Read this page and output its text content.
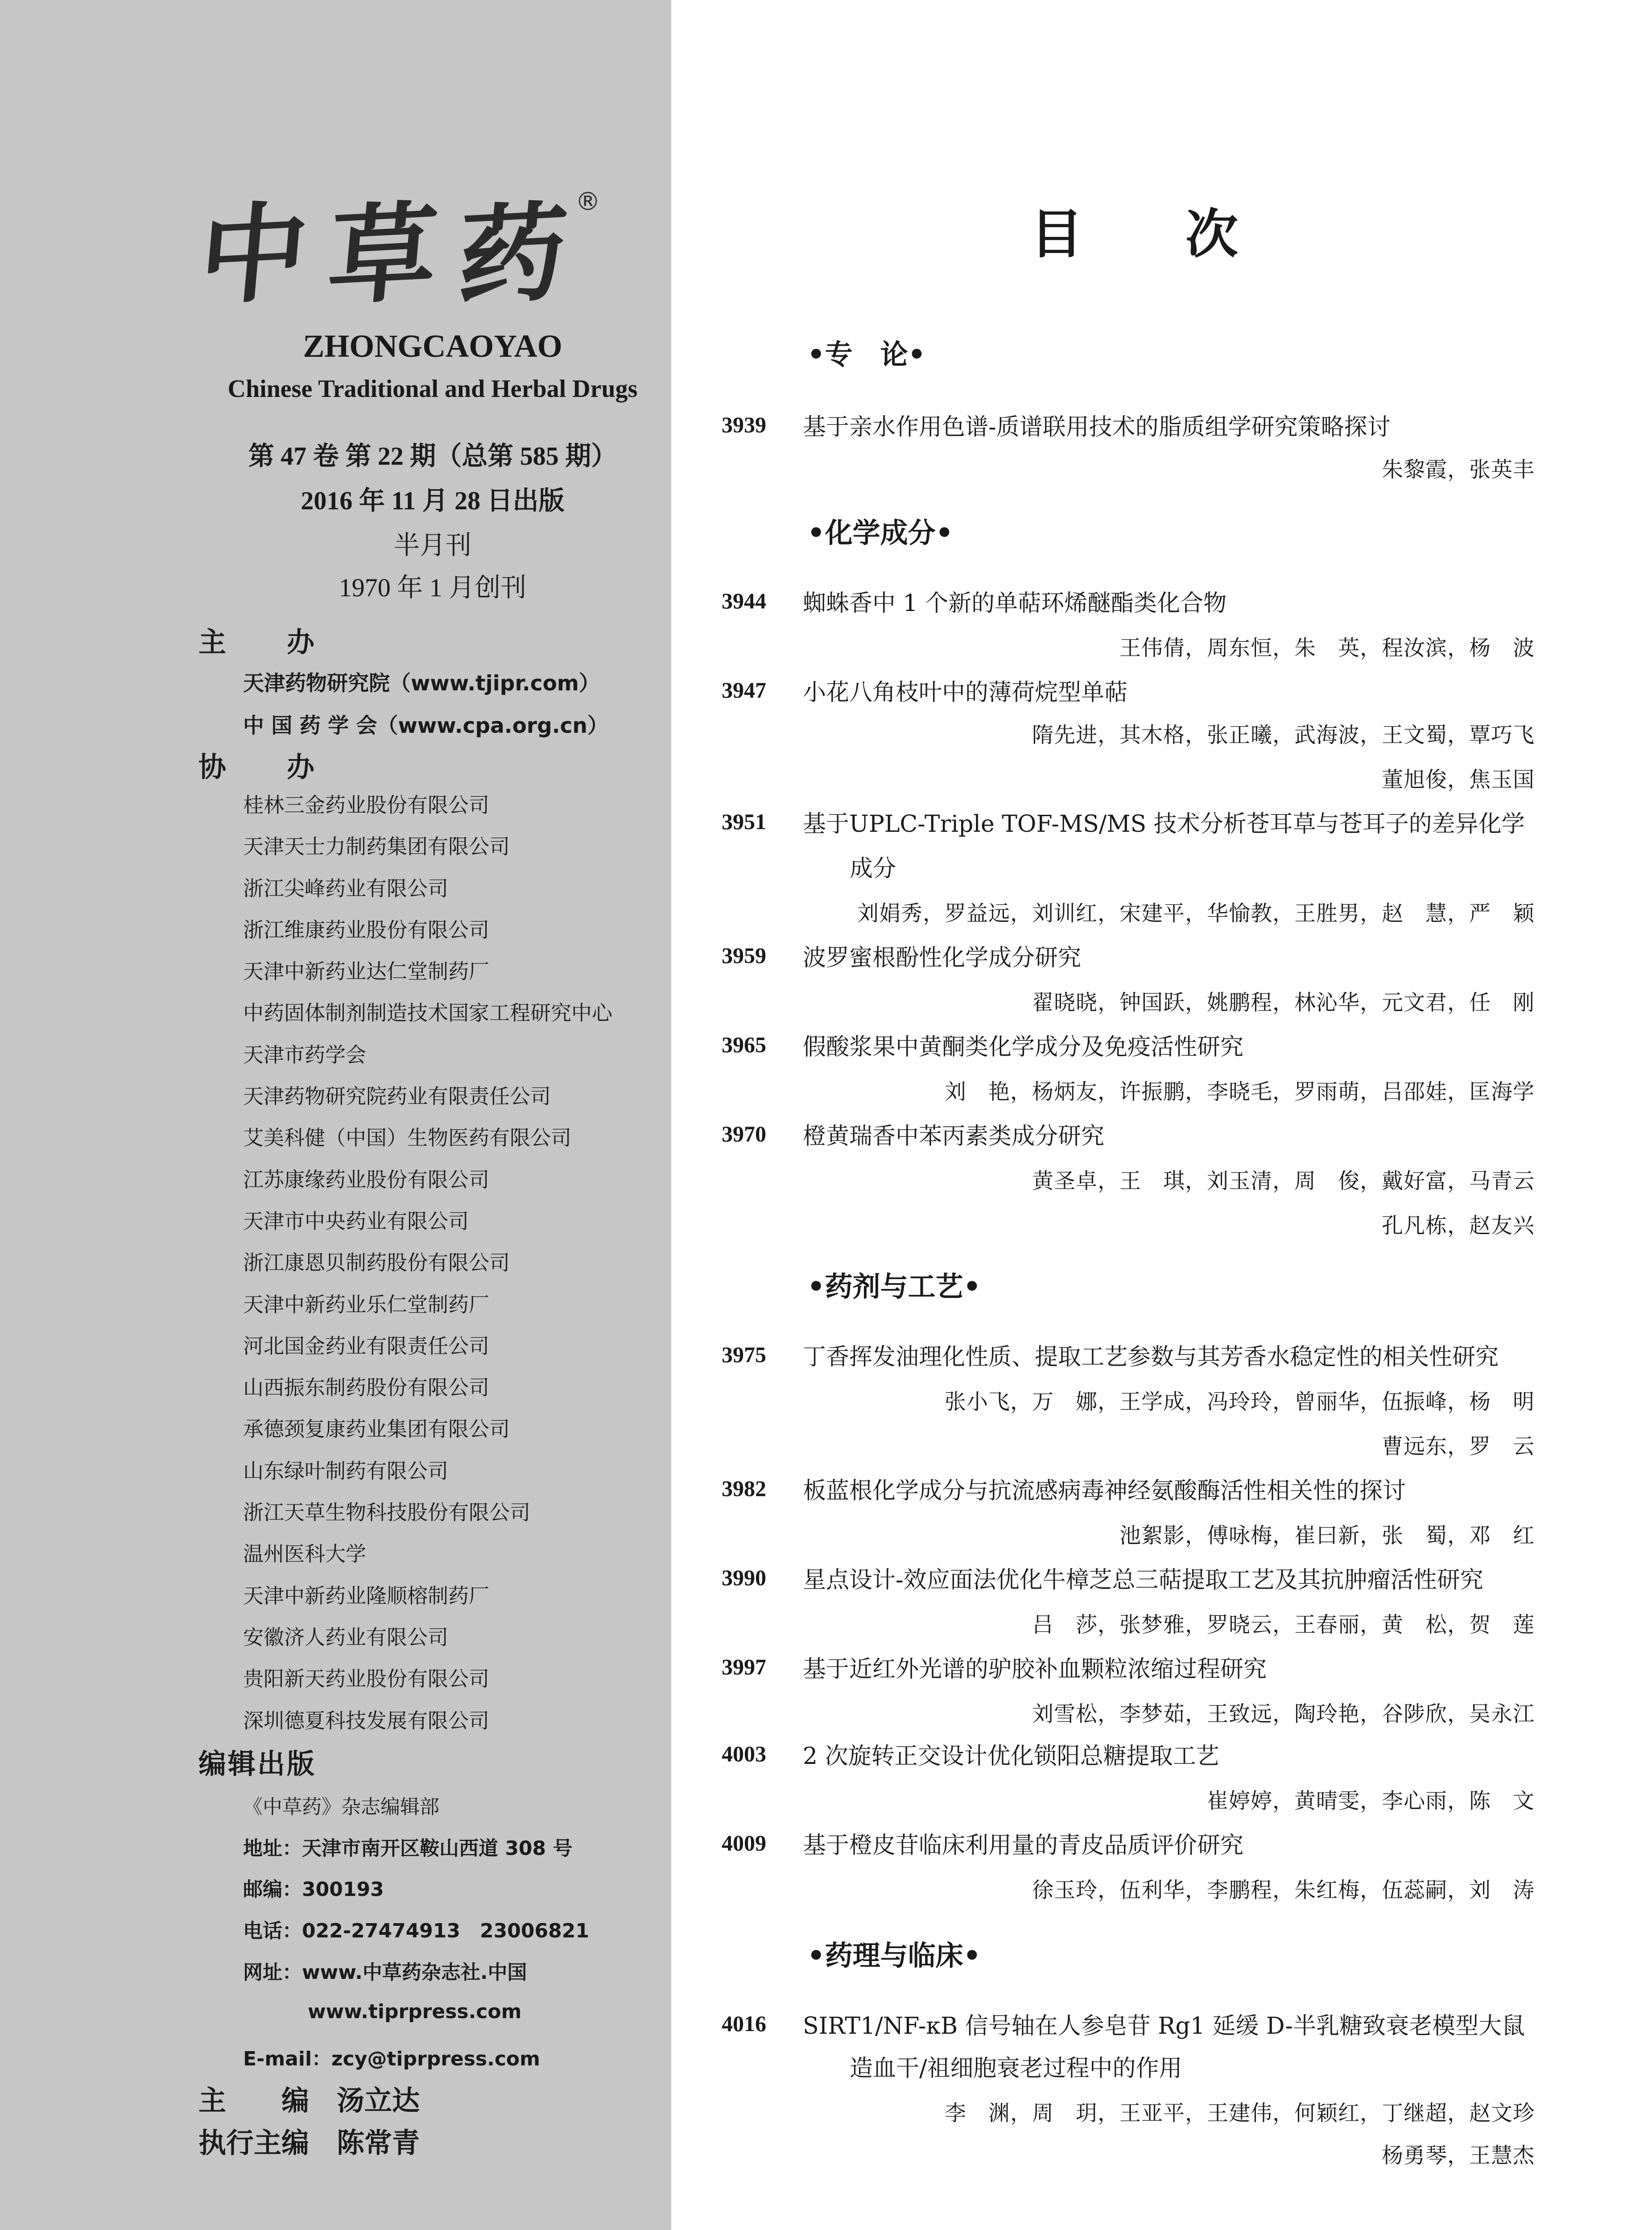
中 草 药
®
ZHONGCAOYAO
Chinese Traditional and Herbal Drugs
第 47 卷 第 22 期（总第 585 期）
2016 年 11 月 28 日出版
半月刊
1970 年 1 月创刊
主　　办
天津药物研究院（www.tjipr.com）
中 国 药 学 会（www.cpa.org.cn）
协　　办
桂林三金药业股份有限公司
天津天士力制药集团有限公司
浙江尖峰药业有限公司
浙江维康药业股份有限公司
天津中新药业达仁堂制药厂
中药固体制剂制造技术国家工程研究中心
天津市药学会
天津药物研究院药业有限责任公司
艾美科健（中国）生物医药有限公司
江苏康缘药业股份有限公司
天津市中央药业有限公司
浙江康恩贝制药股份有限公司
天津中新药业乐仁堂制药厂
河北国金药业有限责任公司
山西振东制药股份有限公司
承德颈复康药业集团有限公司
山东绿叶制药有限公司
浙江天草生物科技股份有限公司
温州医科大学
天津中新药业隆顺榕制药厂
安徽济人药业有限公司
贵阳新天药业股份有限公司
深圳德夏科技发展有限公司
编辑出版
《中草药》杂志编辑部
地址：天津市南开区鞍山西道 308 号
邮编：300193
电话：022-27474913　23006821
网址：www.中草药杂志社.中国
www.tiprpress.com
E-mail：zcy@tiprpress.com
主　　编　汤立达
执行主编　陈常青
目 次
•专　论•
3939	基于亲水作用色谱-质谱联用技术的脂质组学研究策略探讨
朱黎霞，张英丰
•化学成分•
3944	蜘蛛香中 1 个新的单萜环烯醚酯类化合物
王伟倩，周东恒，朱　英，程汝滨，杨　波
3947	小花八角枝叶中的薄荷烷型单萜
隋先进，其木格，张正曦，武海波，王文蜀，覃巧飞
董旭俊，焦玉国
3951	基于UPLC-Triple TOF-MS/MS 技术分析苍耳草与苍耳子的差异化学
成分
刘娟秀，罗益远，刘训红，宋建平，华愉教，王胜男，赵　慧，严　颖
3959	波罗蜜根酚性化学成分研究
翟晓晓，钟国跃，姚鹏程，林沁华，元文君，任　刚
3965	假酸浆果中黄酮类化学成分及免疫活性研究
刘　艳，杨炳友，许振鹏，李晓毛，罗雨萌，吕邵娃，匡海学
3970	橙黄瑞香中苯丙素类成分研究
黄圣卓，王　琪，刘玉清，周　俊，戴好富，马青云
孔凡栋，赵友兴
•药剂与工艺•
3975	丁香挥发油理化性质、提取工艺参数与其芳香水稳定性的相关性研究
张小飞，万　娜，王学成，冯玲玲，曾丽华，伍振峰，杨　明
曹远东，罗　云
3982	板蓝根化学成分与抗流感病毒神经氨酸酶活性相关性的探讨
池絮影，傅咏梅，崔曰新，张　蜀，邓　红
3990	星点设计-效应面法优化牛樟芝总三萜提取工艺及其抗肿瘤活性研究
吕　莎，张梦雅，罗晓云，王春丽，黄　松，贺　莲
3997	基于近红外光谱的驴胶补血颗粒浓缩过程研究
刘雪松，李梦茹，王致远，陶玲艳，谷陟欣，吴永江
4003	2 次旋转正交设计优化锁阳总糖提取工艺
崔婷婷，黄晴雯，李心雨，陈　文
4009	基于橙皮苷临床利用量的青皮品质评价研究
徐玉玲，伍利华，李鹏程，朱红梅，伍蕊嗣，刘　涛
•药理与临床•
4016	SIRT1/NF-κB 信号轴在人参皂苷 Rg1 延缓 D-半乳糖致衰老模型大鼠
造血干/祖细胞衰老过程中的作用
李　渊，周　玥，王亚平，王建伟，何颖红，丁继超，赵文珍
杨勇琴，王慧杰
